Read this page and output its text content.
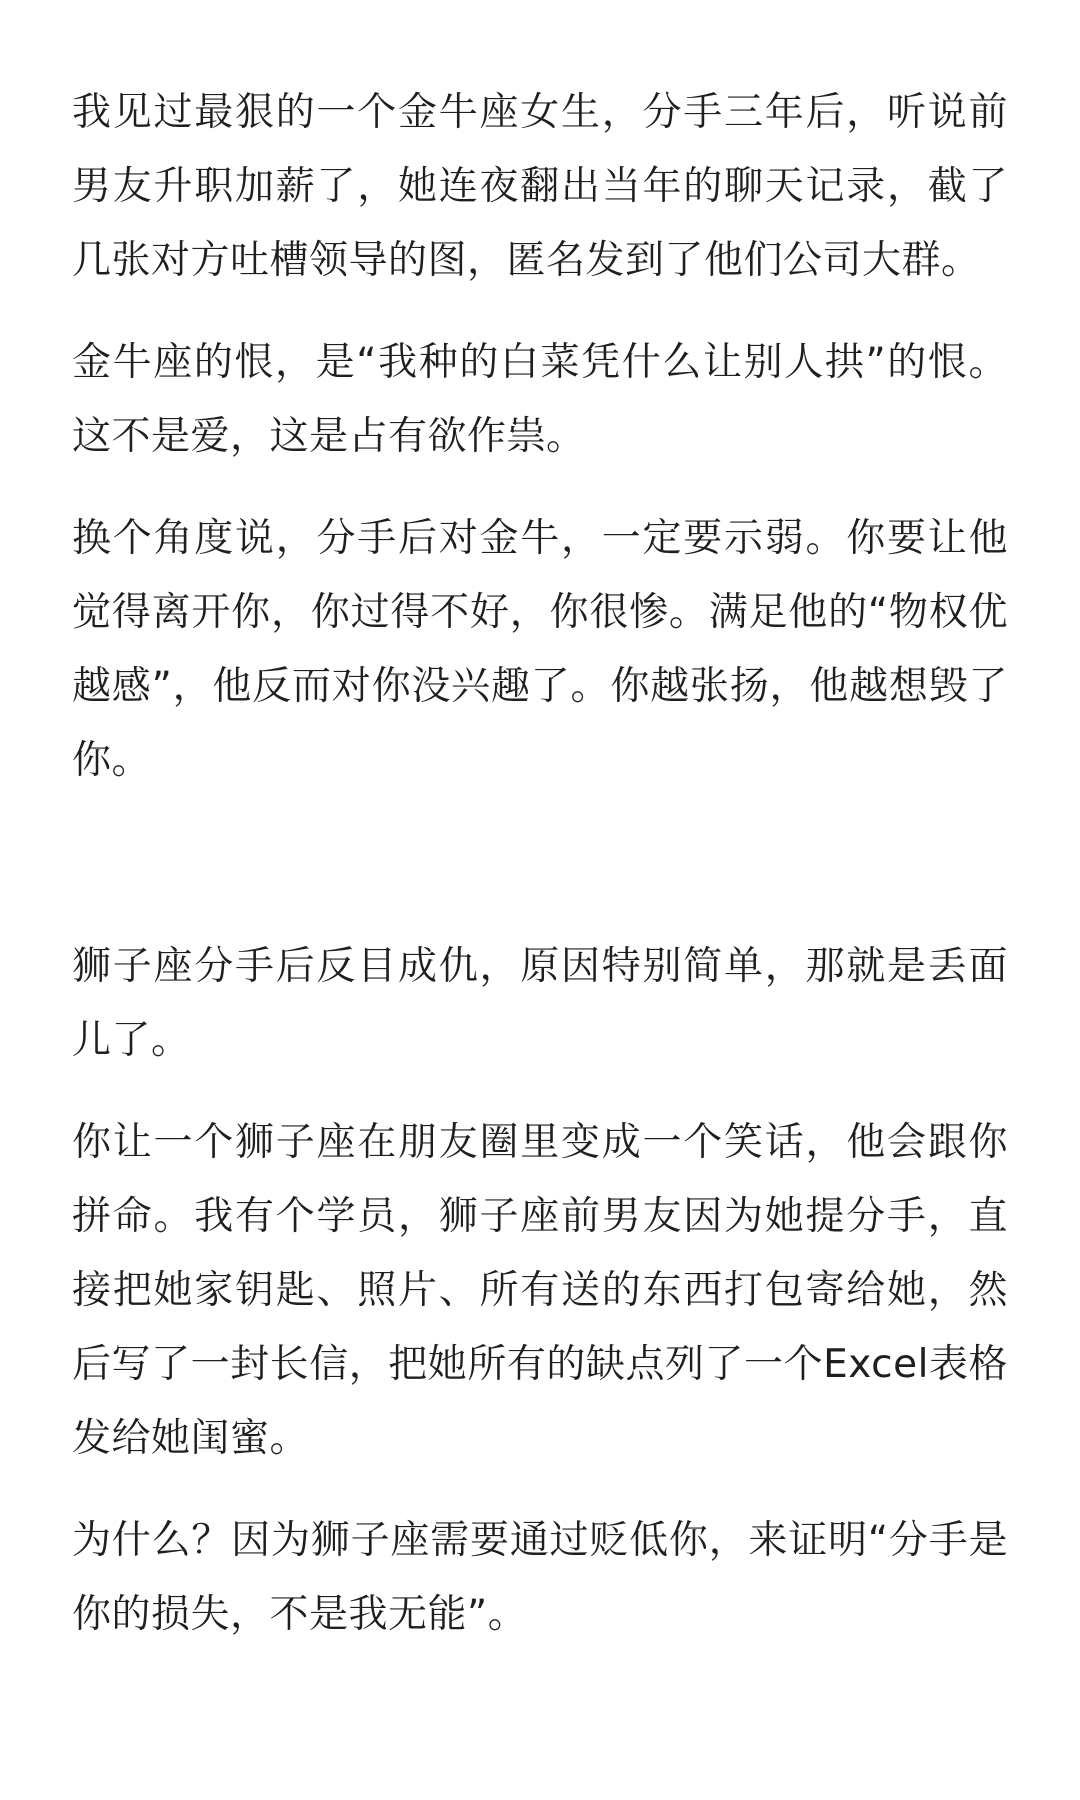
我见过最狠的一个金牛座女生，分手三年后，听说前男友升职加薪了，她连夜翻出当年的聊天记录，截了几张对方吐槽领导的图，匿名发到了他们公司大群。

金牛座的恨，是“我种的白菜凭什么让别人拱”的恨。这不是爱，这是占有欲作祟。

换个角度说，分手后对金牛，一定要示弱。你要让他觉得离开你，你过得不好，你很惨。满足他的“物权优越感”，他反而对你没兴趣了。你越张扬，他越想毁了你。

狮子座分手后反目成仇，原因特别简单，那就是丢面儿了。

你让一个狮子座在朋友圈里变成一个笑话，他会跟你拼命。我有个学员，狮子座前男友因为她提分手，直接把她家钥匙、照片、所有送的东西打包寄给她，然后写了一封长信，把她所有的缺点列了一个Excel表格发给她闺蜜。

为什么？因为狮子座需要通过贬低你，来证明“分手是你的损失，不是我无能”。
